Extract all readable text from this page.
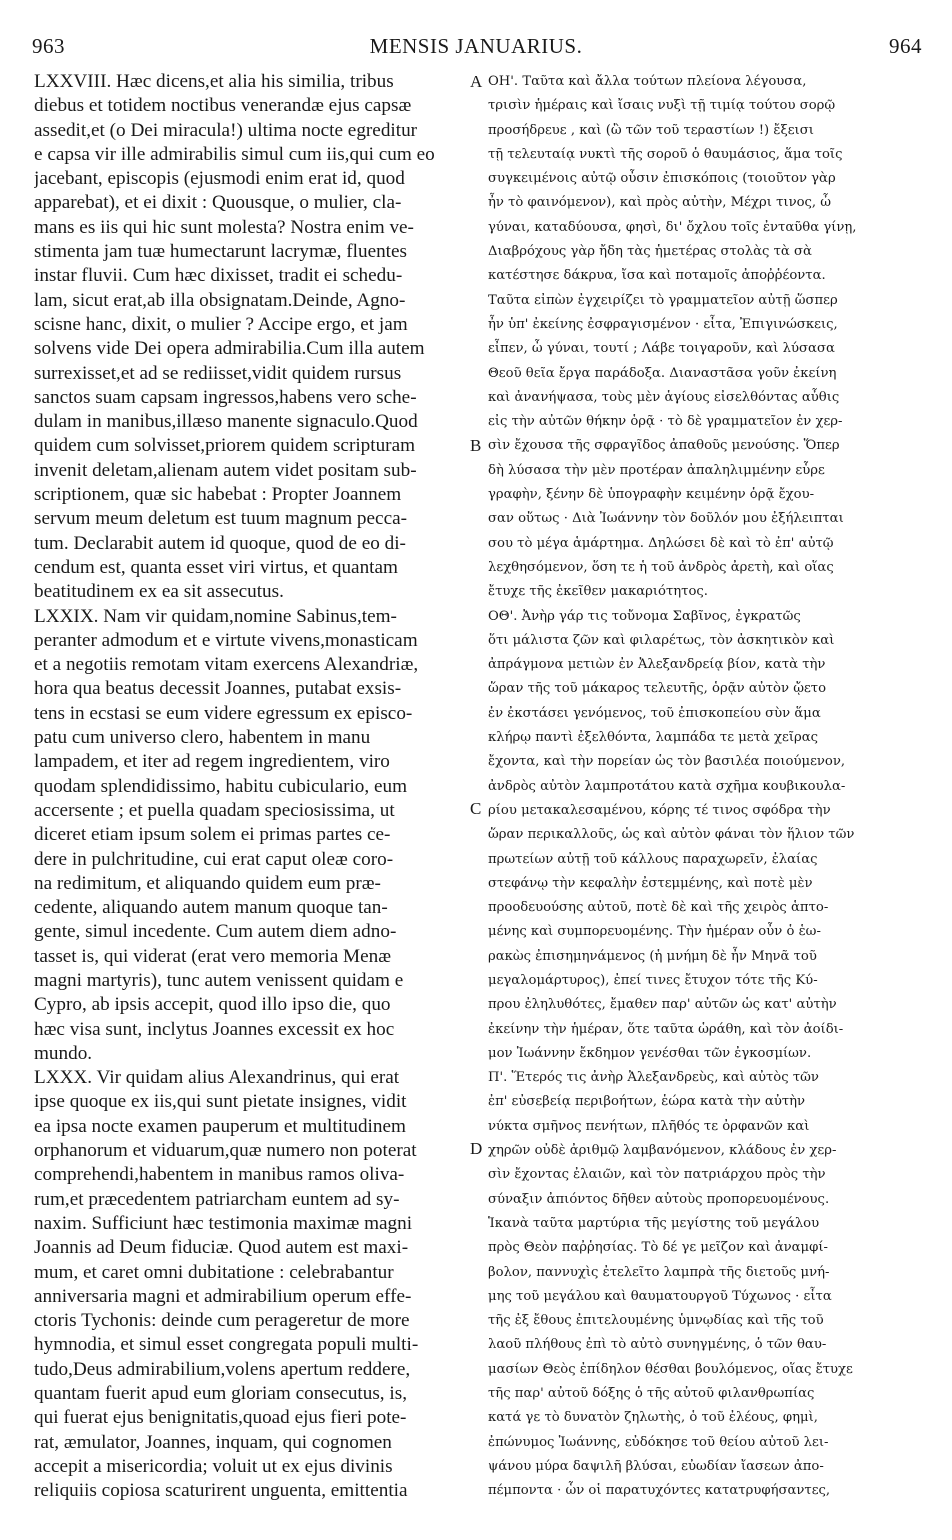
963	MENSIS JANUARIUS.	964
LXXVIII. Hæc dicens,et alia his similia, tribus
diebus et totidem noctibus venerandæ ejus capsæ
assedit,et (o Dei miracula!) ultima nocte egreditur
e capsa vir ille admirabilis simul cum iis,qui cum eo
jacebant, episcopis (ejusmodi enim erat id, quod
apparebat), et ei dixit : Quousque, o mulier, cla-
mans es iis qui hic sunt molesta? Nostra enim ve-
stimenta jam tuæ humectarunt lacrymæ, fluentes
instar fluvii. Cum hæc dixisset, tradit ei schedu-
lam, sicut erat,ab illa obsignatam.Deinde, Agno-
scisne hanc, dixit, o mulier ? Accipe ergo, et jam
solvens vide Dei opera admirabilia.Cum illa autem
surrexisset,et ad se rediisset,vidit quidem rursus
sanctos suam capsam ingressos,habens vero sche-
dulam in manibus,illæso manente signaculo.Quod
quidem cum solvisset,priorem quidem scripturam
invenit deletam,alienam autem videt positam sub-
scriptionem, quæ sic habebat : Propter Joannem
servum meum deletum est tuum magnum pecca-
tum. Declarabit autem id quoque, quod de eo di-
cendum est, quanta esset viri virtus, et quantam
beatitudinem ex ea sit assecutus.
LXXIX. Nam vir quidam,nomine Sabinus,tem-
peranter admodum et e virtute vivens,monasticam
et a negotiis remotam vitam exercens Alexandriæ,
hora qua beatus decessit Joannes, putabat exsis-
tens in ecstasi se eum videre egressum ex episco-
patu cum universo clero, habentem in manu
lampadem, et iter ad regem ingredientem, viro
quodam splendidissimo, habitu cubiculario, eum
accersente ; et puella quadam speciosissima, ut
diceret etiam ipsum solem ei primas partes ce-
dere in pulchritudine, cui erat caput oleæ coro-
na redimitum, et aliquando quidem eum præ-
cedente, aliquando autem manum quoque tan-
gente, simul incedente. Cum autem diem adno-
tasset is, qui viderat (erat vero memoria Menæ
magni martyris), tunc autem venissent quidam e
Cypro, ab ipsis accepit, quod illo ipso die, quo
hæc visa sunt, inclytus Joannes excessit ex hoc
mundo.
LXXX. Vir quidam alius Alexandrinus, qui erat
ipse quoque ex iis,qui sunt pietate insignes, vidit
ea ipsa nocte examen pauperum et multitudinem
orphanorum et viduarum,quæ numero non poterat
comprehendi,habentem in manibus ramos oliva-
rum,et præcedentem patriarcham euntem ad sy-
naxim. Sufficiunt hæc testimonia maximæ magni
Joannis ad Deum fiduciæ. Quod autem est maxi-
mum, et caret omni dubitatione : celebrabantur
anniversaria magni et admirabilium operum effe-
ctoris Tychonis: deinde cum perageretur de more
hymnodia, et simul esset congregata populi multi-
tudo,Deus admirabilium,volens apertum reddere,
quantam fuerit apud eum gloriam consecutus, is,
qui fuerat ejus benignitatis,quoad ejus fieri pote-
rat, æmulator, Joannes, inquam, qui cognomen
accepit a misericordia; voluit ut ex ejus divinis
reliquiis copiosa scaturirent unguenta, emittentia
ΟΗ'. Ταῦτα καὶ ἄλλα τούτων πλείονα λέγουσα,
τρισὶν ἡμέραις καὶ ἴσαις νυξὶ τῇ τιμίᾳ τούτου σορῷ
προσήδρευε , καὶ (ὢ τῶν τοῦ τεραστίων !) ἔξεισι
τῇ τελευταίᾳ νυκτὶ τῆς σοροῦ ὁ θαυμάσιος, ἅμα τοῖς
συγκειμένοις αὐτῷ οὖσιν ἐπισκόποις (τοιοῦτον γὰρ
ἦν τὸ φαινόμενον), καὶ πρὸς αὐτὴν, Μέχρι τινος, ὦ
γύναι, καταδύουσα, φησὶ, δι' ὄχλου τοῖς ἐνταῦθα γίνῃ,
Διαβρόχους γὰρ ἤδη τὰς ἡμετέρας στολὰς τὰ σὰ
κατέστησε δάκρυα, ἴσα καὶ ποταμοῖς ἀποῤῥέοντα.
Ταῦτα εἰπὼν ἐγχειρίζει τὸ γραμματεῖον αὐτῇ ὥσπερ
ἦν ὑπ' ἐκείνης ἐσφραγισμένον · εἶτα, Ἐπιγινώσκεις,
εἶπεν, ὦ γύναι, τουτί ; Λάβε τοιγαροῦν, καὶ λύσασα
Θεοῦ θεῖα ἔργα παράδοξα. Διαναστᾶσα γοῦν ἐκείνη
καὶ ἀνανήψασα, τοὺς μὲν ἁγίους εἰσελθόντας αὖθις
εἰς τὴν αὐτῶν θήκην ὁρᾷ · τὸ δὲ γραμματεῖον ἐν χερ-
σὶν ἔχουσα τῆς σφραγῖδος ἀπαθοῦς μενούσης. Ὅπερ
δὴ λύσασα τὴν μὲν προτέραν ἀπαληλιμμένην εὗρε
γραφὴν, ξένην δὲ ὑπογραφὴν κειμένην ὁρᾷ ἔχου-
σαν οὕτως · Διὰ Ἰωάννην τὸν δοῦλόν μου ἐξήλειπται
σου τὸ μέγα ἁμάρτημα. Δηλώσει δὲ καὶ τὸ ἐπ' αὐτῷ
λεχθησόμενον, ὅση τε ἡ τοῦ ἀνδρὸς ἀρετὴ, καὶ οἵας
ἔτυχε τῆς ἐκεῖθεν μακαριότητος.
ΟΘ'. Ἀνὴρ γάρ τις τοὔνομα Σαβῖνος, ἐγκρατῶς
ὅτι μάλιστα ζῶν καὶ φιλαρέτως, τὸν ἀσκητικὸν καὶ
ἀπράγμονα μετιὼν ἐν Ἀλεξανδρείᾳ βίον, κατὰ τὴν
ὥραν τῆς τοῦ μάκαρος τελευτῆς, ὁρᾷν αὐτὸν ᾤετο
ἐν ἐκστάσει γενόμενος, τοῦ ἐπισκοπείου σὺν ἅμα
κλήρῳ παντὶ ἐξελθόντα, λαμπάδα τε μετὰ χεῖρας
ἔχοντα, καὶ τὴν πορείαν ὡς τὸν βασιλέα ποιούμενον,
ἀνδρὸς αὐτὸν λαμπροτάτου κατὰ σχῆμα κουβικουλα-
ρίου μετακαλεσαμένου, κόρης τέ τινος σφόδρα τὴν
ὥραν περικαλλοῦς, ὡς καὶ αὐτὸν φάναι τὸν ἥλιον τῶν
πρωτείων αὐτῇ τοῦ κάλλους παραχωρεῖν, ἐλαίας
στεφάνῳ τὴν κεφαλὴν ἐστεμμένης, καὶ ποτὲ μὲν
προοδευούσης αὐτοῦ, ποτὲ δὲ καὶ τῆς χειρὸς ἁπτο-
μένης καὶ συμπορευομένης. Τὴν ἡμέραν οὖν ὁ ἑω-
ρακὼς ἐπισημηνάμενος (ἡ μνήμη δὲ ἦν Μηνᾶ τοῦ
μεγαλομάρτυρος), ἐπεί τινες ἔτυχον τότε τῆς Κύ-
πρου ἐληλυθότες, ἔμαθεν παρ' αὐτῶν ὡς κατ' αὐτὴν
ἐκείνην τὴν ἡμέραν, ὅτε ταῦτα ὡράθη, καὶ τὸν ἀοίδι-
μον Ἰωάννην ἔκδημον γενέσθαι τῶν ἐγκοσμίων.
Π'. Ἕτερός τις ἀνὴρ Ἀλεξανδρεὺς, καὶ αὐτὸς τῶν
ἐπ' εὐσεβείᾳ περιβοήτων, ἑώρα κατὰ τὴν αὐτὴν
νύκτα σμῆνος πενήτων, πλῆθός τε ὀρφανῶν καὶ
χηρῶν οὐδὲ ἀριθμῷ λαμβανόμενον, κλάδους ἐν χερ-
σὶν ἔχοντας ἐλαιῶν, καὶ τὸν πατριάρχου πρὸς τὴν
σύναξιν ἀπιόντος δῆθεν αὐτοὺς προπορευομένους.
Ἱκανὰ ταῦτα μαρτύρια τῆς μεγίστης τοῦ μεγάλου
πρὸς Θεὸν παῤῥησίας. Τὸ δέ γε μεῖζον καὶ ἀναμφί-
βολον, παννυχὶς ἐτελεῖτο λαμπρὰ τῆς διετοῦς μνή-
μης τοῦ μεγάλου καὶ θαυματουργοῦ Τύχωνος · εἶτα
τῆς ἐξ ἔθους ἐπιτελουμένης ὑμνῳδίας καὶ τῆς τοῦ
λαοῦ πλήθους ἐπὶ τὸ αὐτὸ συνηγμένης, ὁ τῶν θαυ-
μασίων Θεὸς ἐπίδηλον θέσθαι βουλόμενος, οἵας ἔτυχε
τῆς παρ' αὐτοῦ δόξης ὁ τῆς αὐτοῦ φιλανθρωπίας
κατά γε τὸ δυνατὸν ζηλωτὴς, ὁ τοῦ ἐλέους, φημὶ,
ἐπώνυμος Ἰωάννης, εὐδόκησε τοῦ θείου αὐτοῦ λει-
ψάνου μύρα δαψιλῆ βλύσαι, εὐωδίαν ἴασεων ἀπο-
πέμποντα · ὧν οἱ παρατυχόντες κατατρυφήσαντες,
A
B
C
D
